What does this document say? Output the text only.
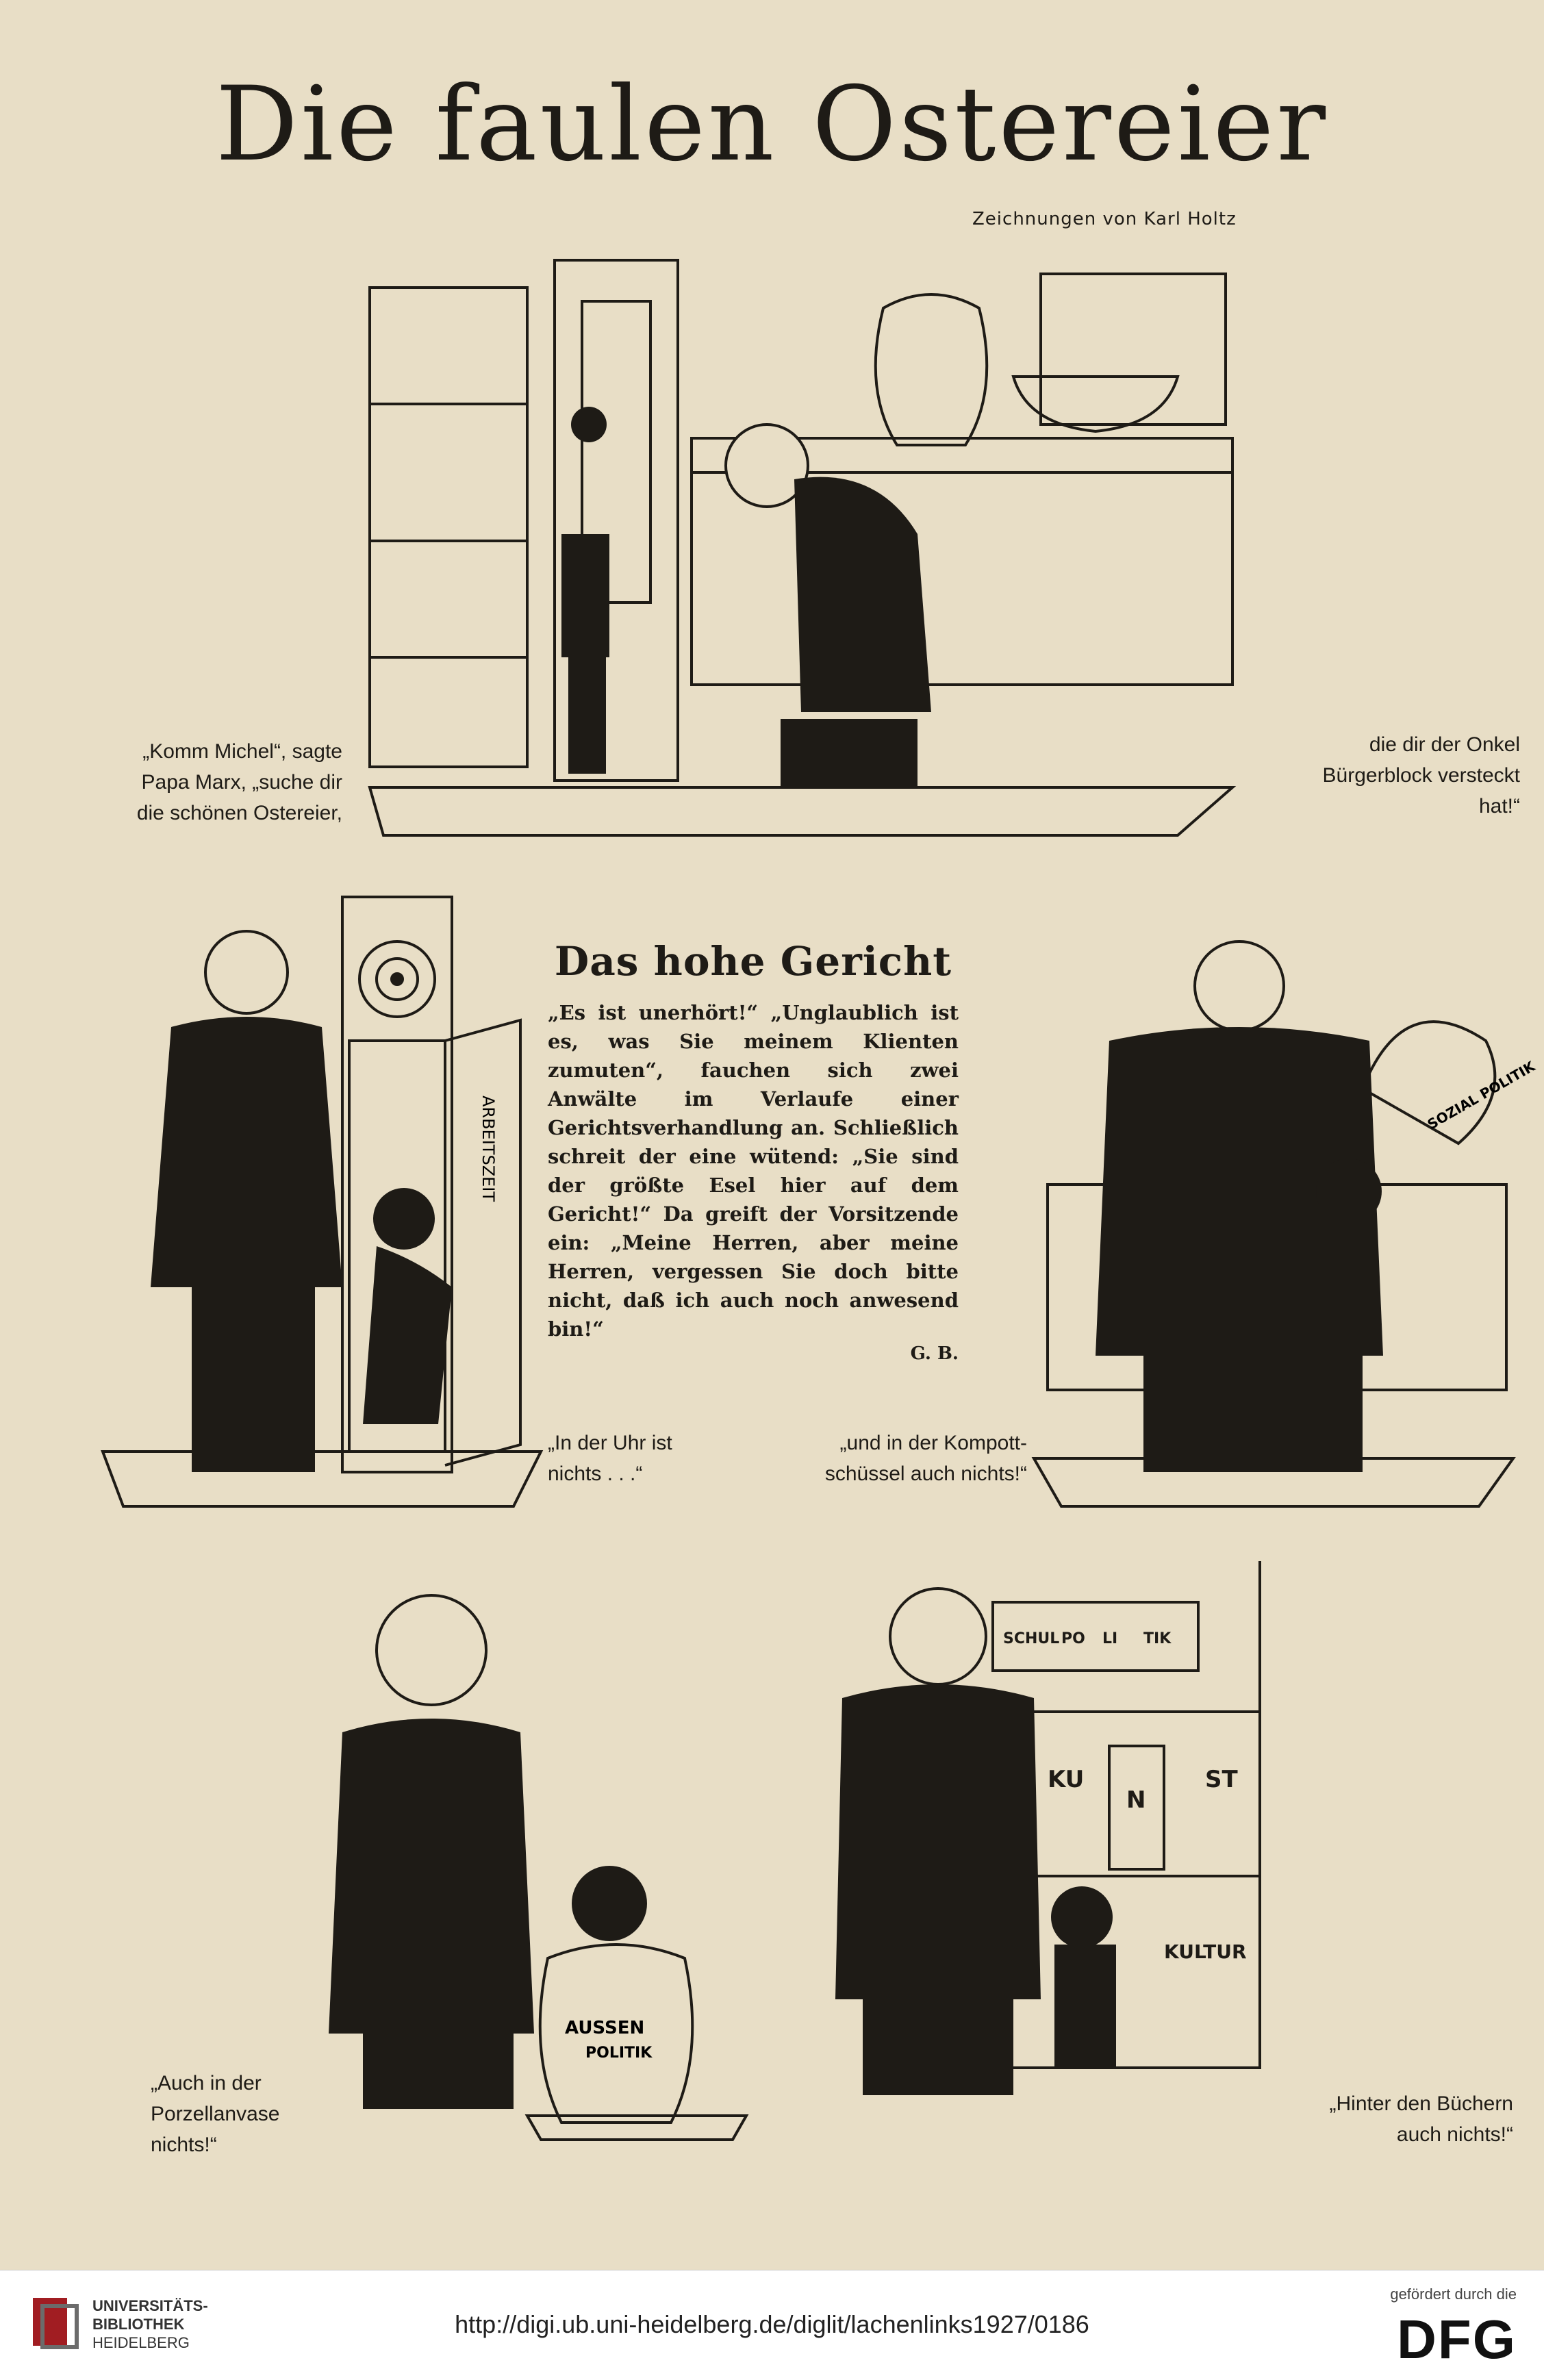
Die faulen Ostereier
Zeichnungen von Karl Holtz
„Komm Michel“, sagte
Papa Marx, „suche dir
die schönen Ostereier,
die dir der Onkel
Bürgerblock versteckt
hat!“
ARBEITSZEIT
Das hohe Gericht

„Es ist unerhört!“ „Unglaublich ist es, was Sie meinem Klienten zumuten“, fauchen sich zwei Anwälte im Verlaufe einer Gerichtsverhandlung an. Schließlich schreit der eine wütend: „Sie sind der größte Esel hier auf dem Gericht!“ Da greift der Vorsitzende ein: „Meine Herren, aber meine Herren, vergessen Sie doch bitte nicht, daß ich auch noch anwesend bin!“

G. B.
„In der Uhr ist
nichts . . .“
„und in der Kompott-
schüssel auch nichts!“
SOZIAL POLITIK
AUSSEN
POLITIK
„Auch in der
Porzellanvase
nichts!“
SCHUL PO LI TIK
KU
N
ST
KULTUR
„Hinter den Büchern
auch nichts!“
UNIVERSITÄTS-
BIBLIOTHEK
HEIDELBERG
http://digi.ub.uni-heidelberg.de/diglit/lachenlinks1927/0186
gefördert durch die
DFG
